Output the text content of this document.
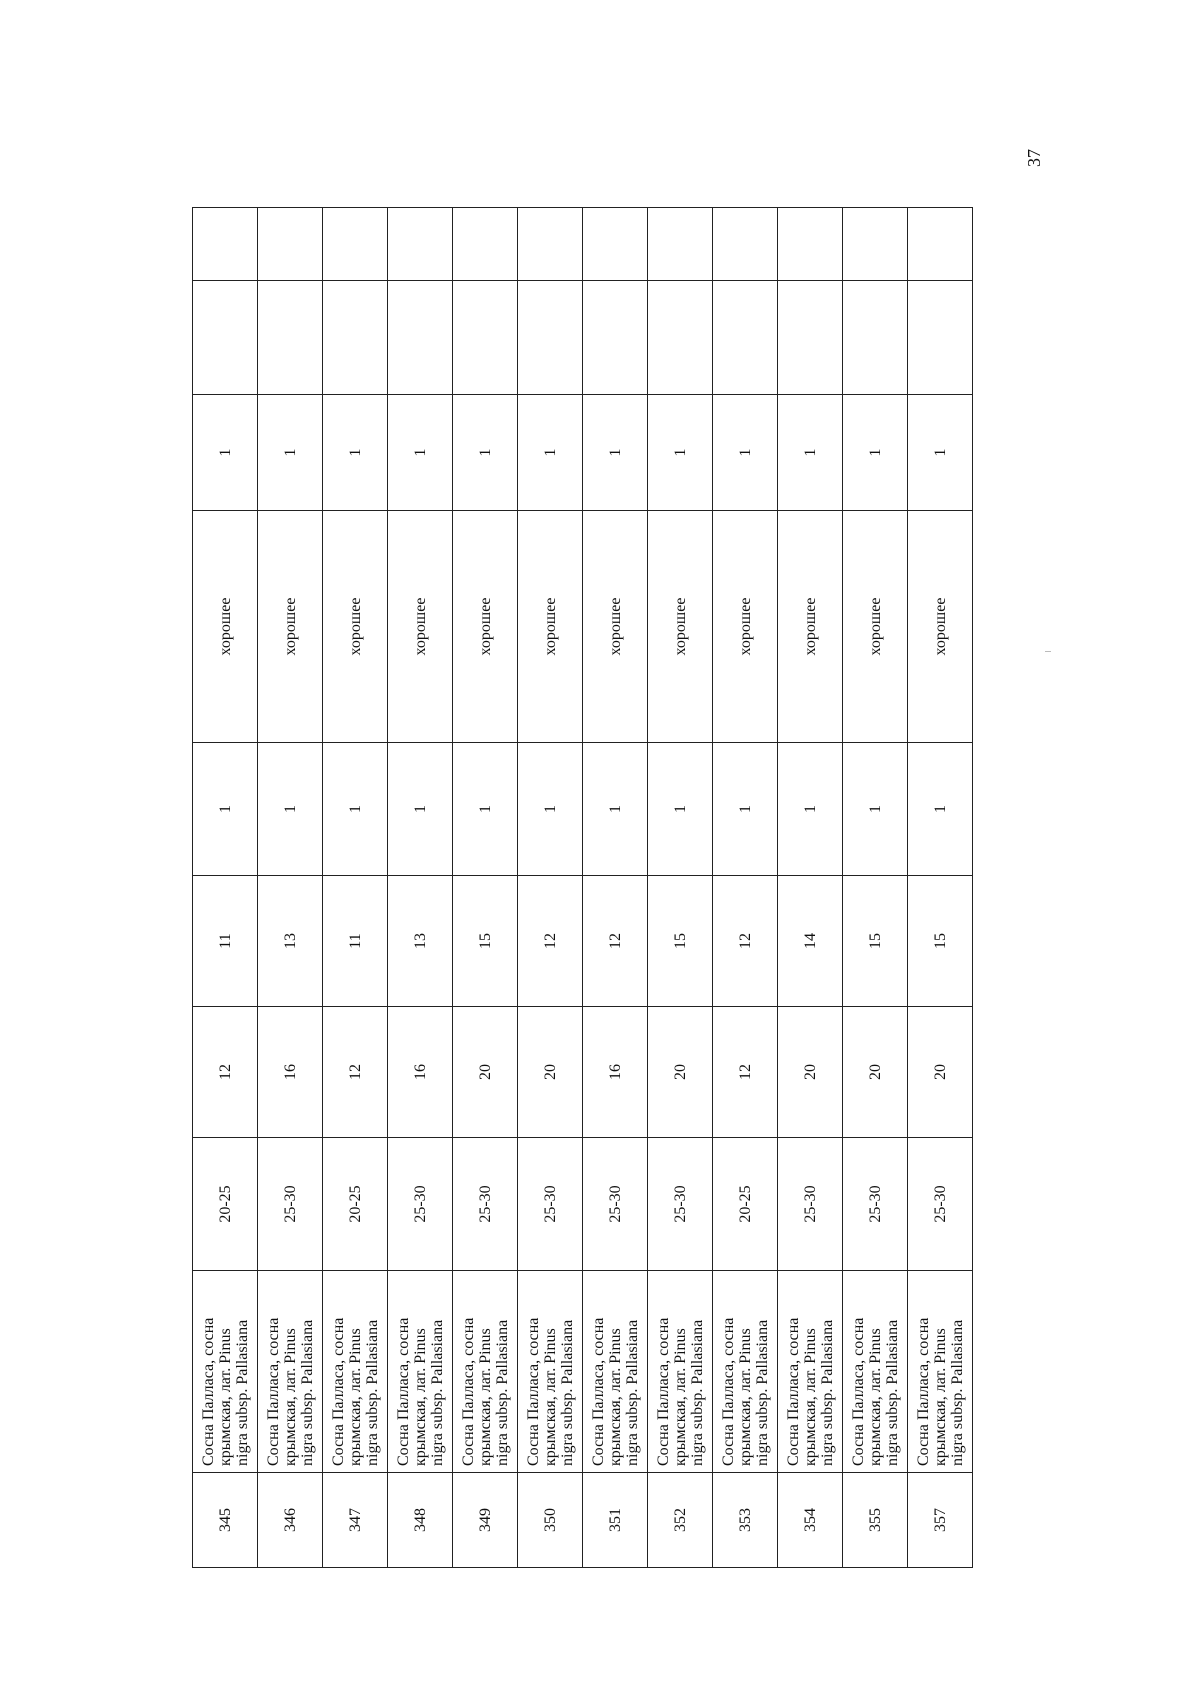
37
345	Сосна Палласа, сосна крымская, лат. Pinus nigra subsp. Pallasiana	20-25	12	11	1	хорошее	1		
346	Сосна Палласа, сосна крымская, лат. Pinus nigra subsp. Pallasiana	25-30	16	13	1	хорошее	1		
347	Сосна Палласа, сосна крымская, лат. Pinus nigra subsp. Pallasiana	20-25	12	11	1	хорошее	1		
348	Сосна Палласа, сосна крымская, лат. Pinus nigra subsp. Pallasiana	25-30	16	13	1	хорошее	1		
349	Сосна Палласа, сосна крымская, лат. Pinus nigra subsp. Pallasiana	25-30	20	15	1	хорошее	1		
350	Сосна Палласа, сосна крымская, лат. Pinus nigra subsp. Pallasiana	25-30	20	12	1	хорошее	1		
351	Сосна Палласа, сосна крымская, лат. Pinus nigra subsp. Pallasiana	25-30	16	12	1	хорошее	1		
352	Сосна Палласа, сосна крымская, лат. Pinus nigra subsp. Pallasiana	25-30	20	15	1	хорошее	1		
353	Сосна Палласа, сосна крымская, лат. Pinus nigra subsp. Pallasiana	20-25	12	12	1	хорошее	1		
354	Сосна Палласа, сосна крымская, лат. Pinus nigra subsp. Pallasiana	25-30	20	14	1	хорошее	1		
355	Сосна Палласа, сосна крымская, лат. Pinus nigra subsp. Pallasiana	25-30	20	15	1	хорошее	1		
357	Сосна Палласа, сосна крымская, лат. Pinus nigra subsp. Pallasiana	25-30	20	15	1	хорошее	1		
